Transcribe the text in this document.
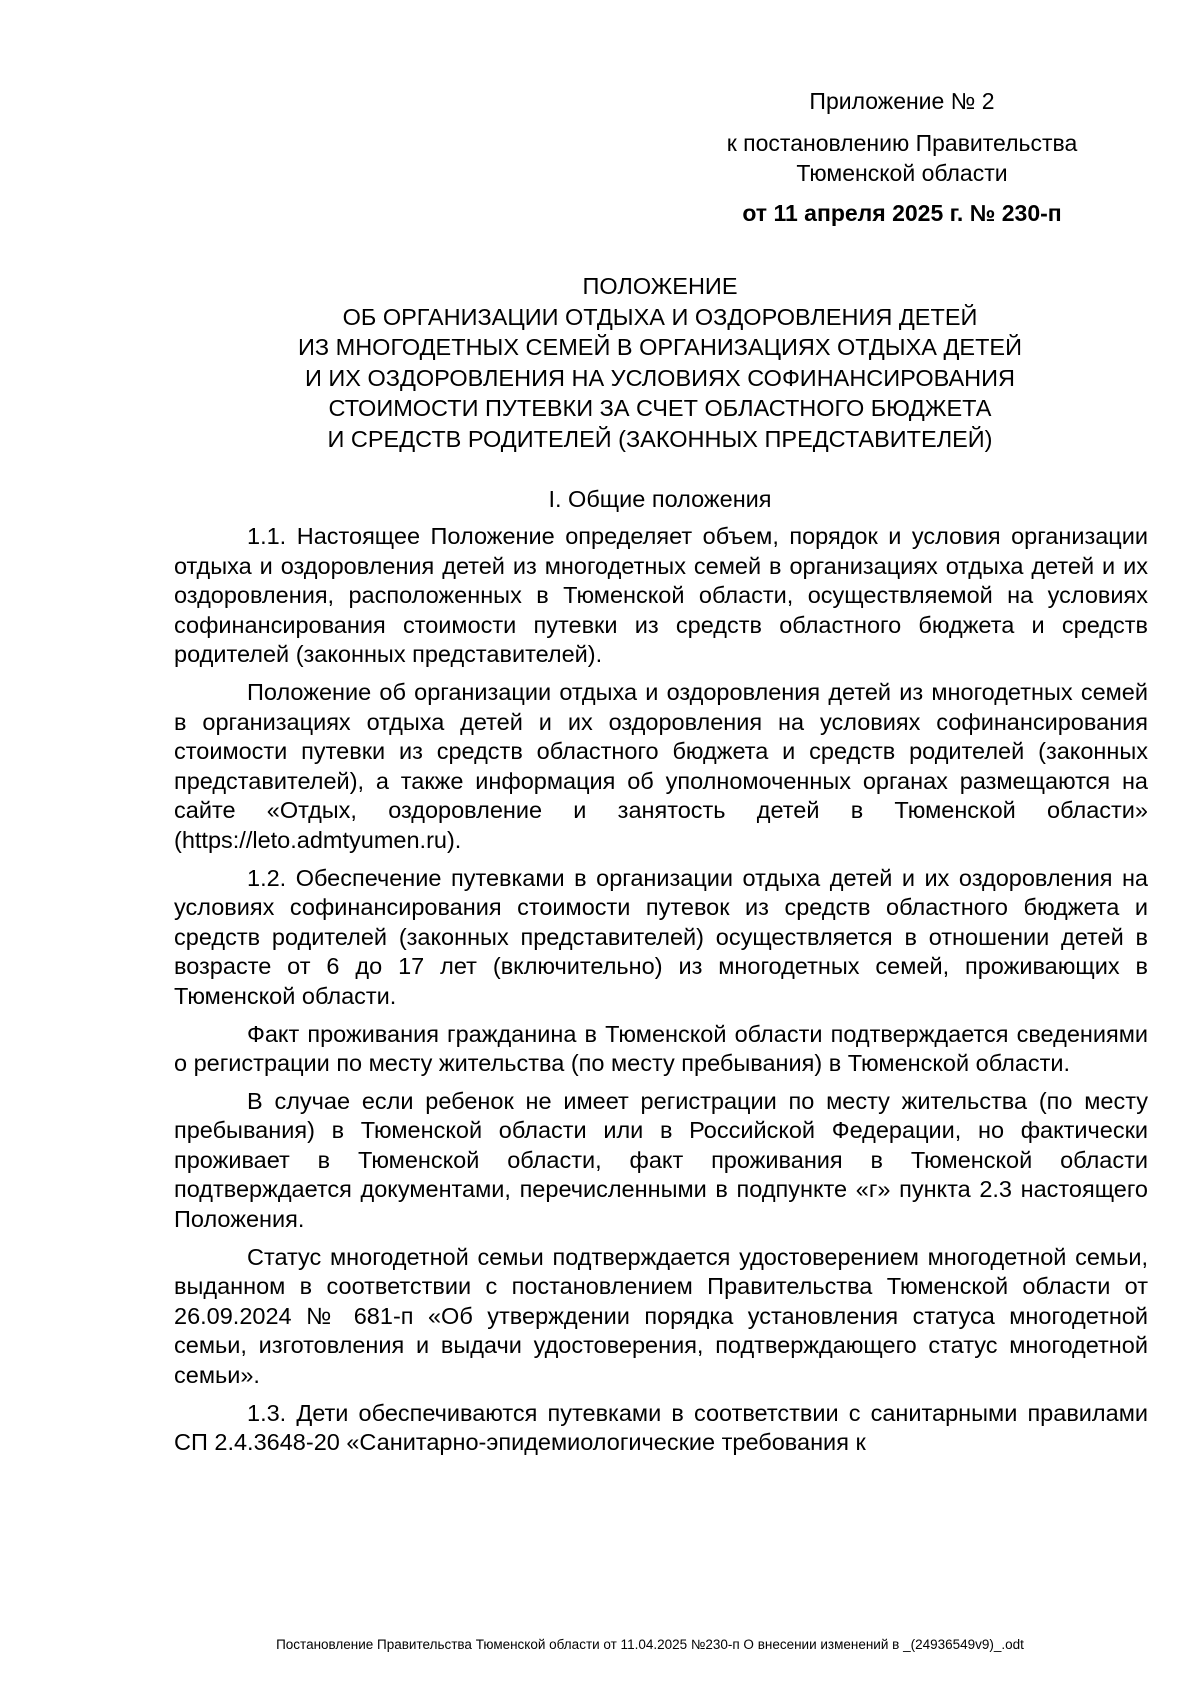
Приложение № 2
к постановлению Правительства
Тюменской области
от 11 апреля 2025 г. № 230-п
ПОЛОЖЕНИЕ
ОБ ОРГАНИЗАЦИИ ОТДЫХА И ОЗДОРОВЛЕНИЯ ДЕТЕЙ
ИЗ МНОГОДЕТНЫХ СЕМЕЙ В ОРГАНИЗАЦИЯХ ОТДЫХА ДЕТЕЙ
И ИХ ОЗДОРОВЛЕНИЯ НА УСЛОВИЯХ СОФИНАНСИРОВАНИЯ
СТОИМОСТИ ПУТЕВКИ ЗА СЧЕТ ОБЛАСТНОГО БЮДЖЕТА
И СРЕДСТВ РОДИТЕЛЕЙ (ЗАКОННЫХ ПРЕДСТАВИТЕЛЕЙ)
I. Общие положения

1.1. Настоящее Положение определяет объем, порядок и условия организации отдыха и оздоровления детей из многодетных семей в организациях отдыха детей и их оздоровления, расположенных в Тюменской области, осуществляемой на условиях софинансирования стоимости путевки из средств областного бюджета и средств родителей (законных представителей).

Положение об организации отдыха и оздоровления детей из многодетных семей в организациях отдыха детей и их оздоровления на условиях софинансирования стоимости путевки из средств областного бюджета и средств родителей (законных представителей), а также информация об уполномоченных органах размещаются на сайте «Отдых, оздоровление и занятость детей в Тюменской области» (https://leto.admtyumen.ru).

1.2. Обеспечение путевками в организации отдыха детей и их оздоровления на условиях софинансирования стоимости путевок из средств областного бюджета и средств родителей (законных представителей) осуществляется в отношении детей в возрасте от 6 до 17 лет (включительно) из многодетных семей, проживающих в Тюменской области.

Факт проживания гражданина в Тюменской области подтверждается сведениями о регистрации по месту жительства (по месту пребывания) в Тюменской области.

В случае если ребенок не имеет регистрации по месту жительства (по месту пребывания) в Тюменской области или в Российской Федерации, но фактически проживает в Тюменской области, факт проживания в Тюменской области подтверждается документами, перечисленными в подпункте «г» пункта 2.3 настоящего Положения.

Статус многодетной семьи подтверждается удостоверением многодетной семьи, выданном в соответствии с постановлением Правительства Тюменской области от 26.09.2024 № 681-п «Об утверждении порядка установления статуса многодетной семьи, изготовления и выдачи удостоверения, подтверждающего статус многодетной семьи».

1.3. Дети обеспечиваются путевками в соответствии с санитарными правилами СП 2.4.3648-20 «Санитарно-эпидемиологические требования к

Постановление Правительства Тюменской области от 11.04.2025 №230-п О внесении изменений в _(24936549v9)_.odt
